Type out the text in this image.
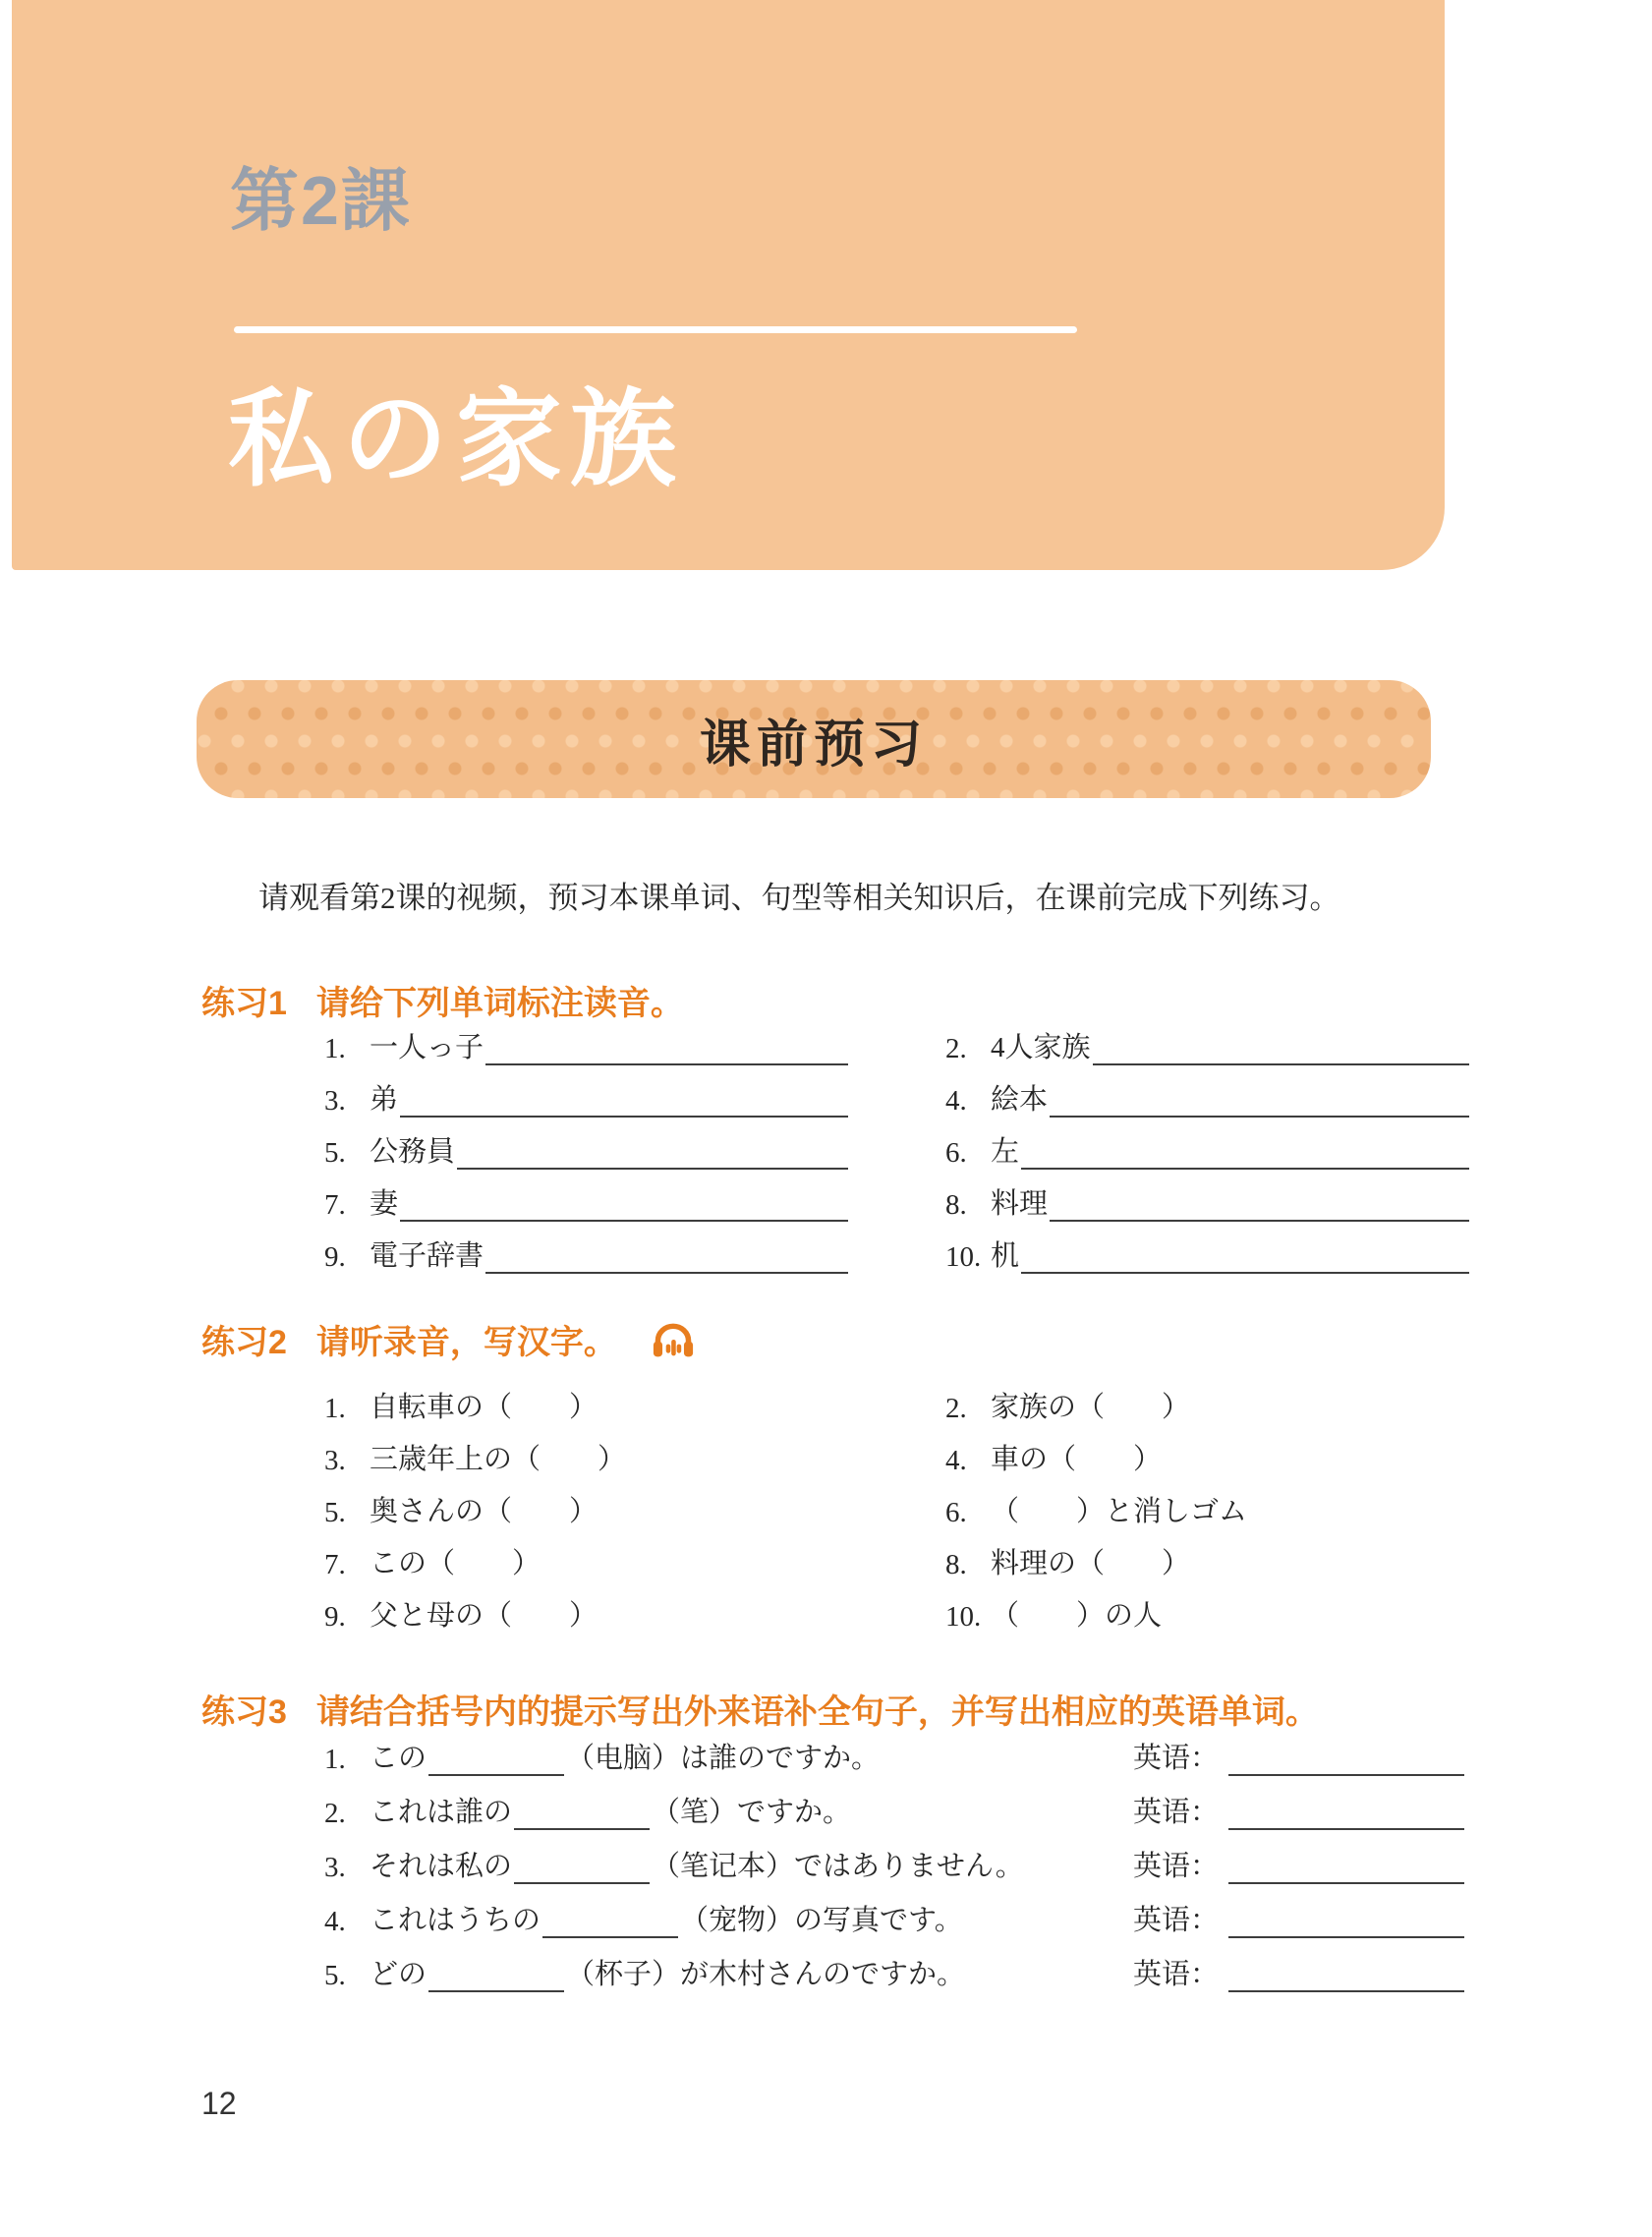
第2課
私の家族
课前预习
请观看第2课的视频，预习本课单词、句型等相关知识后，在课前完成下列练习。
练习1 请给下列单词标注读音。
1. 一人っ子	2. 4人家族
3. 弟	4. 絵本
5. 公務員	6. 左
7. 妻	8. 料理
9. 電子辞書	10. 机
练习2 请听录音，写汉字。
1. 自転車の（　　）	2. 家族の（　　）
3. 三歳年上の（　　）	4. 車の（　　）
5. 奥さんの（　　）	6. （　　）と消しゴム
7. この（　　）	8. 料理の（　　）
9. 父と母の（　　）	10. （　　）の人
练习3 请结合括号内的提示写出外来语补全句子，并写出相应的英语单词。
1. この	（电脑） は誰のですか。	英语：
2. これは誰の	（笔） ですか。	英语：
3. それは私の	（笔记本） ではありません。	英语：
4. これはうちの	（宠物） の写真です。	英语：
5. どの	（杯子） が木村さんのですか。	英语：
12
